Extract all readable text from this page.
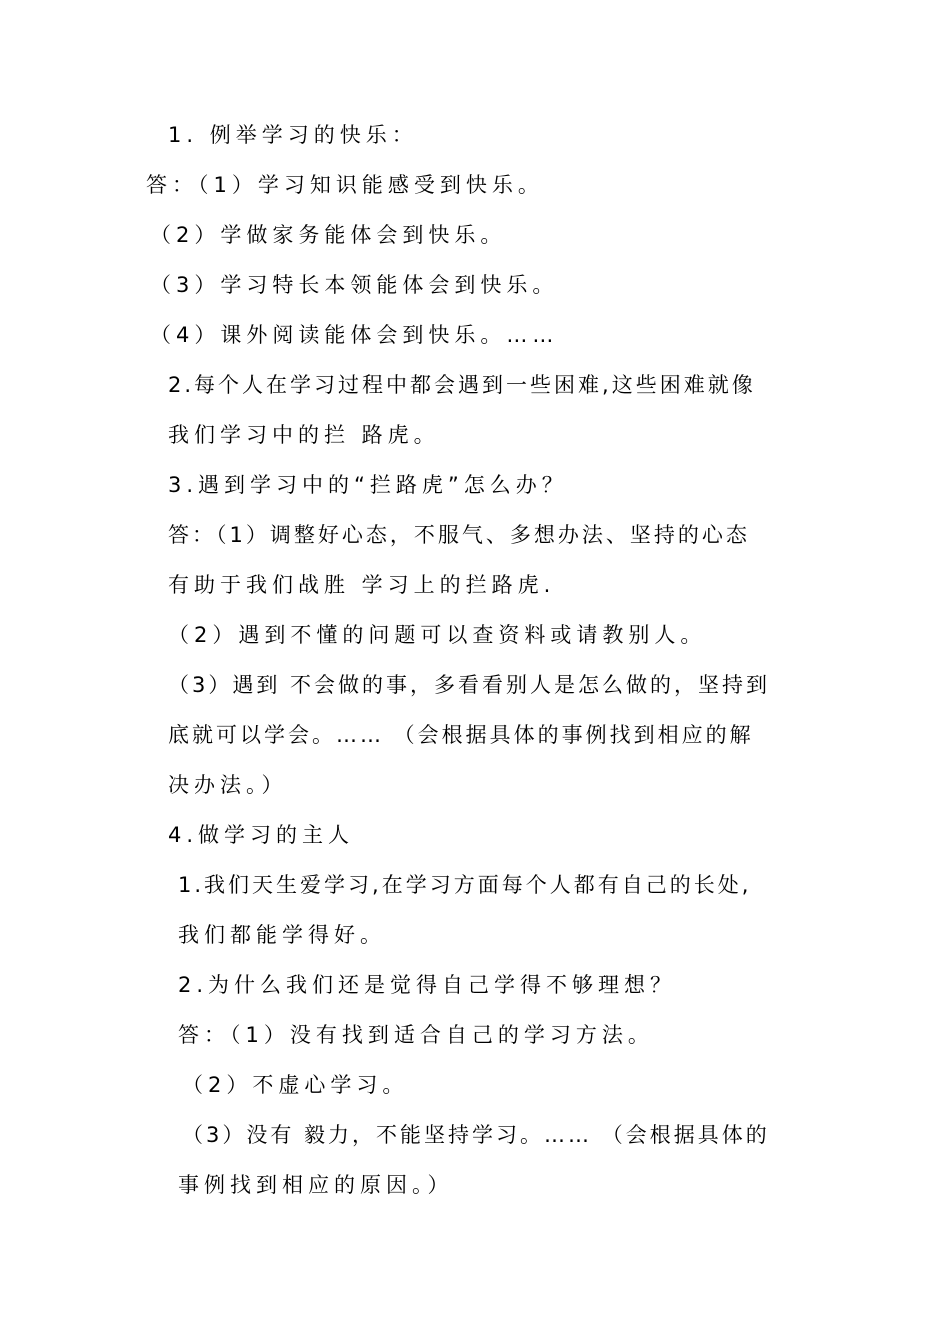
1. 例举学习的快乐：
答：（1）学习知识能感受到快乐。
（2）学做家务能体会到快乐。
（3）学习特长本领能体会到快乐。
（4）课外阅读能体会到快乐。……
2.每个人在学习过程中都会遇到一些困难,这些困难就像
我们学习中的拦 路虎。
3.遇到学习中的“拦路虎”怎么办？
答：（1）调整好心态，不服气、多想办法、坚持的心态
有助于我们战胜 学习上的拦路虎.
（2）遇到不懂的问题可以查资料或请教别人。
（3）遇到 不会做的事，多看看别人是怎么做的，坚持到
底就可以学会。…… （会根据具体的事例找到相应的解
决办法。）
4.做学习的主人
1.我们天生爱学习,在学习方面每个人都有自己的长处,
我们都能学得好。
2.为什么我们还是觉得自己学得不够理想？
答：（1）没有找到适合自己的学习方法。
（2）不虚心学习。
（3）没有 毅力，不能坚持学习。…… （会根据具体的
事例找到相应的原因。）
